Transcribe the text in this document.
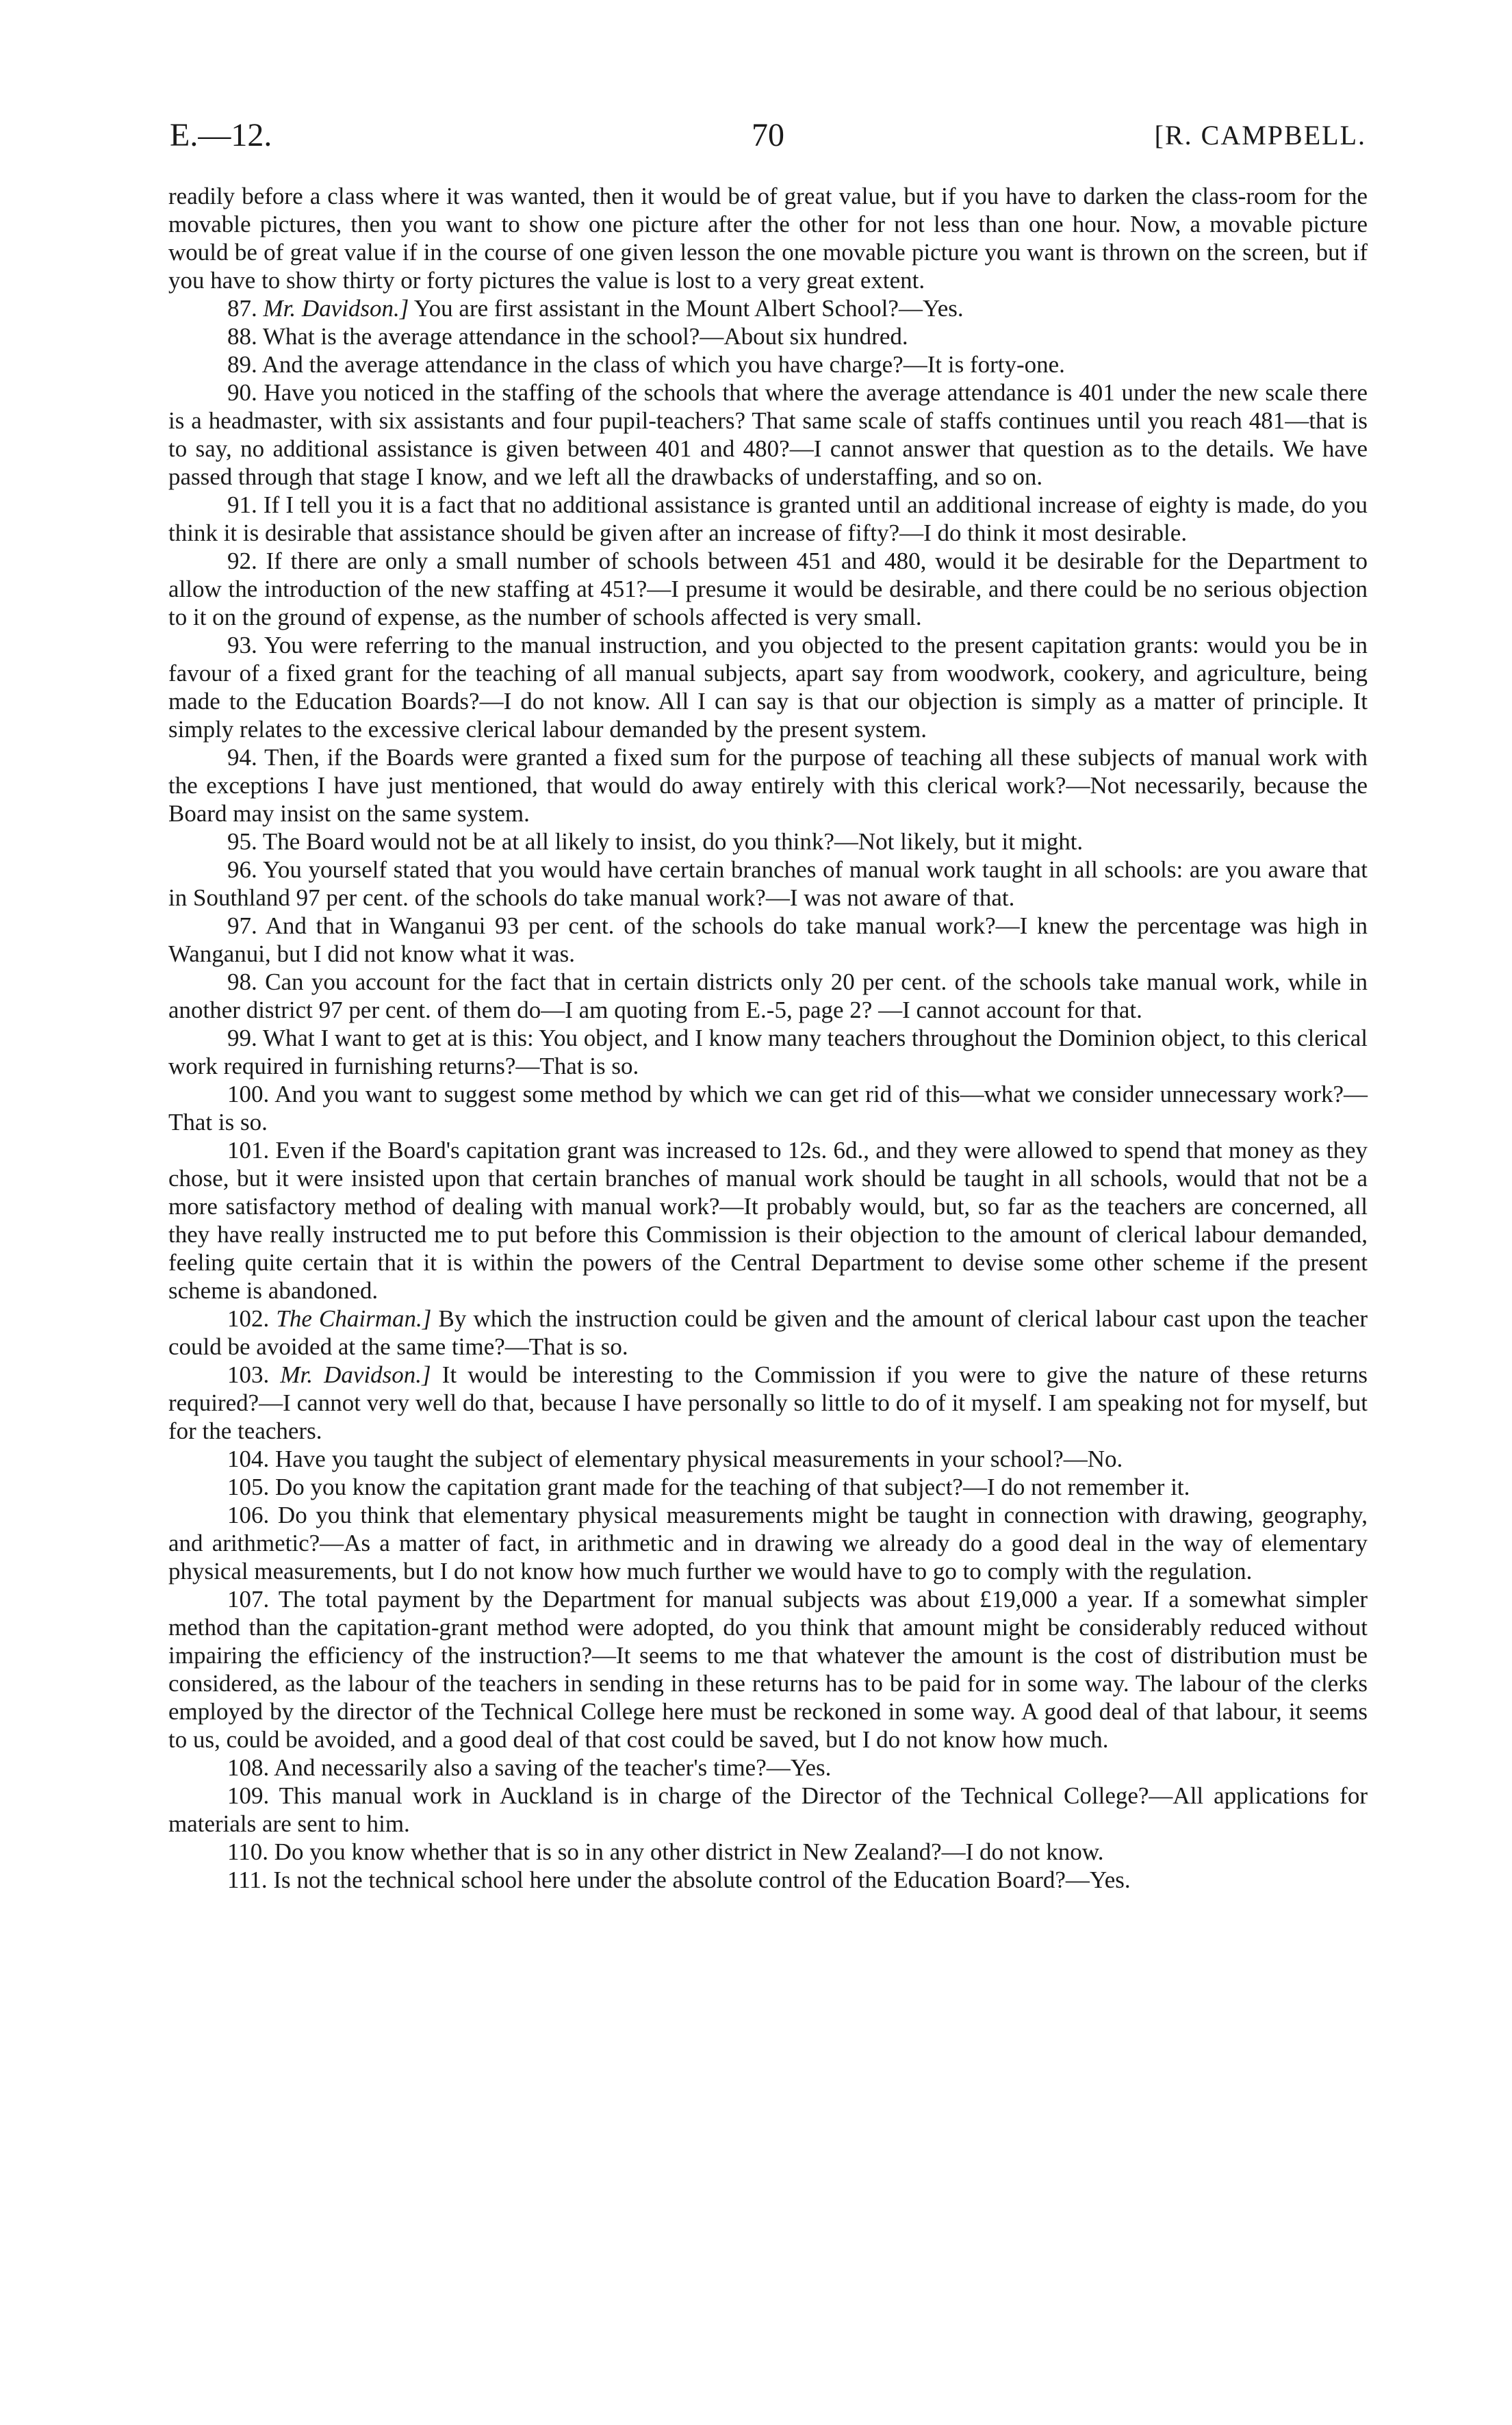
E.—12.	70	[R. CAMPBELL.

readily before a class where it was wanted, then it would be of great value, but if you have to darken the class-room for the movable pictures, then you want to show one picture after the other for not less than one hour. Now, a movable picture would be of great value if in the course of one given lesson the one movable picture you want is thrown on the screen, but if you have to show thirty or forty pictures the value is lost to a very great extent.

87. Mr. Davidson.] You are first assistant in the Mount Albert School?—Yes.

88. What is the average attendance in the school?—About six hundred.

89. And the average attendance in the class of which you have charge?—It is forty-one.

90. Have you noticed in the staffing of the schools that where the average attendance is 401 under the new scale there is a headmaster, with six assistants and four pupil-teachers? That same scale of staffs continues until you reach 481—that is to say, no additional assistance is given between 401 and 480?—I cannot answer that question as to the details. We have passed through that stage I know, and we left all the drawbacks of understaffing, and so on.

91. If I tell you it is a fact that no additional assistance is granted until an additional increase of eighty is made, do you think it is desirable that assistance should be given after an increase of fifty?—I do think it most desirable.

92. If there are only a small number of schools between 451 and 480, would it be desirable for the Department to allow the introduction of the new staffing at 451?—I presume it would be desirable, and there could be no serious objection to it on the ground of expense, as the number of schools affected is very small.

93. You were referring to the manual instruction, and you objected to the present capitation grants: would you be in favour of a fixed grant for the teaching of all manual subjects, apart say from woodwork, cookery, and agriculture, being made to the Education Boards?—I do not know. All I can say is that our objection is simply as a matter of principle. It simply relates to the excessive clerical labour demanded by the present system.

94. Then, if the Boards were granted a fixed sum for the purpose of teaching all these subjects of manual work with the exceptions I have just mentioned, that would do away entirely with this clerical work?—Not necessarily, because the Board may insist on the same system.

95. The Board would not be at all likely to insist, do you think?—Not likely, but it might.

96. You yourself stated that you would have certain branches of manual work taught in all schools: are you aware that in Southland 97 per cent. of the schools do take manual work?—I was not aware of that.

97. And that in Wanganui 93 per cent. of the schools do take manual work?—I knew the percentage was high in Wanganui, but I did not know what it was.

98. Can you account for the fact that in certain districts only 20 per cent. of the schools take manual work, while in another district 97 per cent. of them do—I am quoting from E.-5, page 2? —I cannot account for that.

99. What I want to get at is this: You object, and I know many teachers throughout the Dominion object, to this clerical work required in furnishing returns?—That is so.

100. And you want to suggest some method by which we can get rid of this—what we consider unnecessary work?—That is so.

101. Even if the Board's capitation grant was increased to 12s. 6d., and they were allowed to spend that money as they chose, but it were insisted upon that certain branches of manual work should be taught in all schools, would that not be a more satisfactory method of dealing with manual work?—It probably would, but, so far as the teachers are concerned, all they have really instructed me to put before this Commission is their objection to the amount of clerical labour demanded, feeling quite certain that it is within the powers of the Central Department to devise some other scheme if the present scheme is abandoned.

102. The Chairman.] By which the instruction could be given and the amount of clerical labour cast upon the teacher could be avoided at the same time?—That is so.

103. Mr. Davidson.] It would be interesting to the Commission if you were to give the nature of these returns required?—I cannot very well do that, because I have personally so little to do of it myself. I am speaking not for myself, but for the teachers.

104. Have you taught the subject of elementary physical measurements in your school?—No.

105. Do you know the capitation grant made for the teaching of that subject?—I do not remember it.

106. Do you think that elementary physical measurements might be taught in connection with drawing, geography, and arithmetic?—As a matter of fact, in arithmetic and in drawing we already do a good deal in the way of elementary physical measurements, but I do not know how much further we would have to go to comply with the regulation.

107. The total payment by the Department for manual subjects was about £19,000 a year. If a somewhat simpler method than the capitation-grant method were adopted, do you think that amount might be considerably reduced without impairing the efficiency of the instruction?—It seems to me that whatever the amount is the cost of distribution must be considered, as the labour of the teachers in sending in these returns has to be paid for in some way. The labour of the clerks employed by the director of the Technical College here must be reckoned in some way. A good deal of that labour, it seems to us, could be avoided, and a good deal of that cost could be saved, but I do not know how much.

108. And necessarily also a saving of the teacher's time?—Yes.

109. This manual work in Auckland is in charge of the Director of the Technical College?—All applications for materials are sent to him.

110. Do you know whether that is so in any other district in New Zealand?—I do not know.

111. Is not the technical school here under the absolute control of the Education Board?—Yes.
